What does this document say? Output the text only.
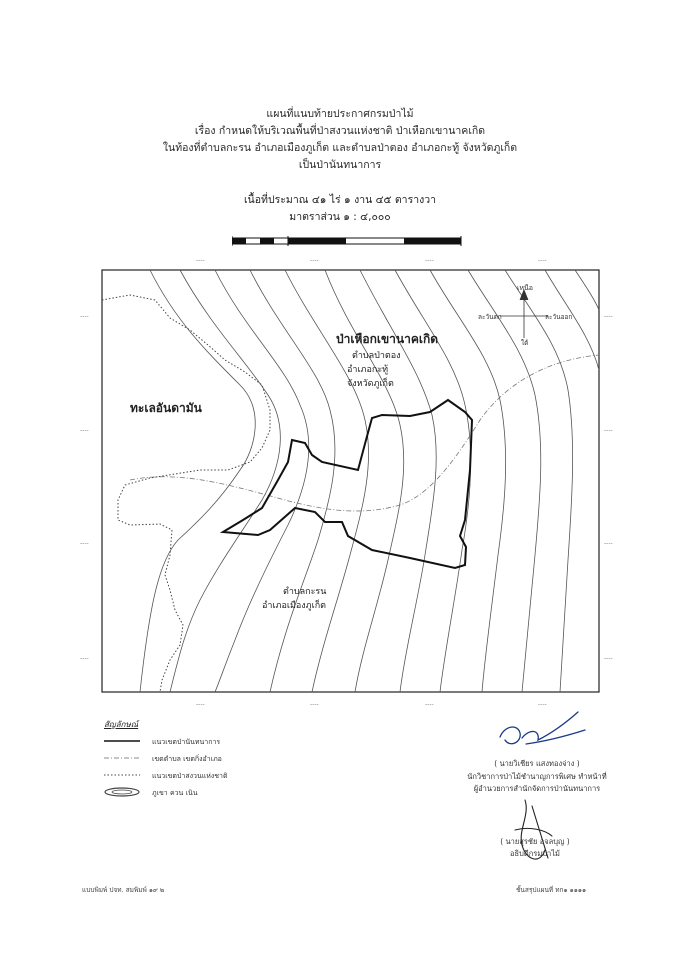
แผนที่แนบท้ายประกาศกรมป่าไม้
เรื่อง กำหนดให้บริเวณพื้นที่ป่าสงวนแห่งชาติ ป่าเหือกเขานาคเกิด
ในท้องที่ตำบลกะรน อำเภอเมืองภูเก็ต และตำบลป่าตอง อำเภอกะทู้ จังหวัดภูเก็ต
เป็นป่านันทนาการ
เนื้อที่ประมาณ ๔๑ ไร่ ๑ งาน ๔๕ ตารางวา
มาตราส่วน ๑ : ๔,๐๐๐
----	----	----	----
----	----	----	----
----
----
----
----
----
----
----
----
เหนือ
ละวันตก	ละวันออก
ใต้
ทะเลอันดามัน
ป่าเหือกเขานาคเกิด
ตำบลป่าตอง
อำเภอกะทู้
จังหวัดภูเก็ต
ตำบลกะรน
อำเภอเมืองภูเก็ต
สัญลักษณ์
แนวเขตป่านันทนาการ
เขตตำบล เขตกิ่งอำเภอ
แนวเขตป่าสงวนแห่งชาติ
ภูเขา ควน เนิน
( นายวิเชียร แสงทองจ่าง )
นักวิชาการป่าไม้ชำนาญการพิเศษ ทำหน้าที่
ผู้อำนวยการสำนักจัดการป่านันทนาการ
( นายสุรชัย อจลบุญ )
อธิบดีกรมป่าไม้
แบบพิมพ์ ปจท. สมพิมพ์ ๑๙ ๒	ชั้นสรุปแผนที่ ทก๑ ๑๑๑๑
